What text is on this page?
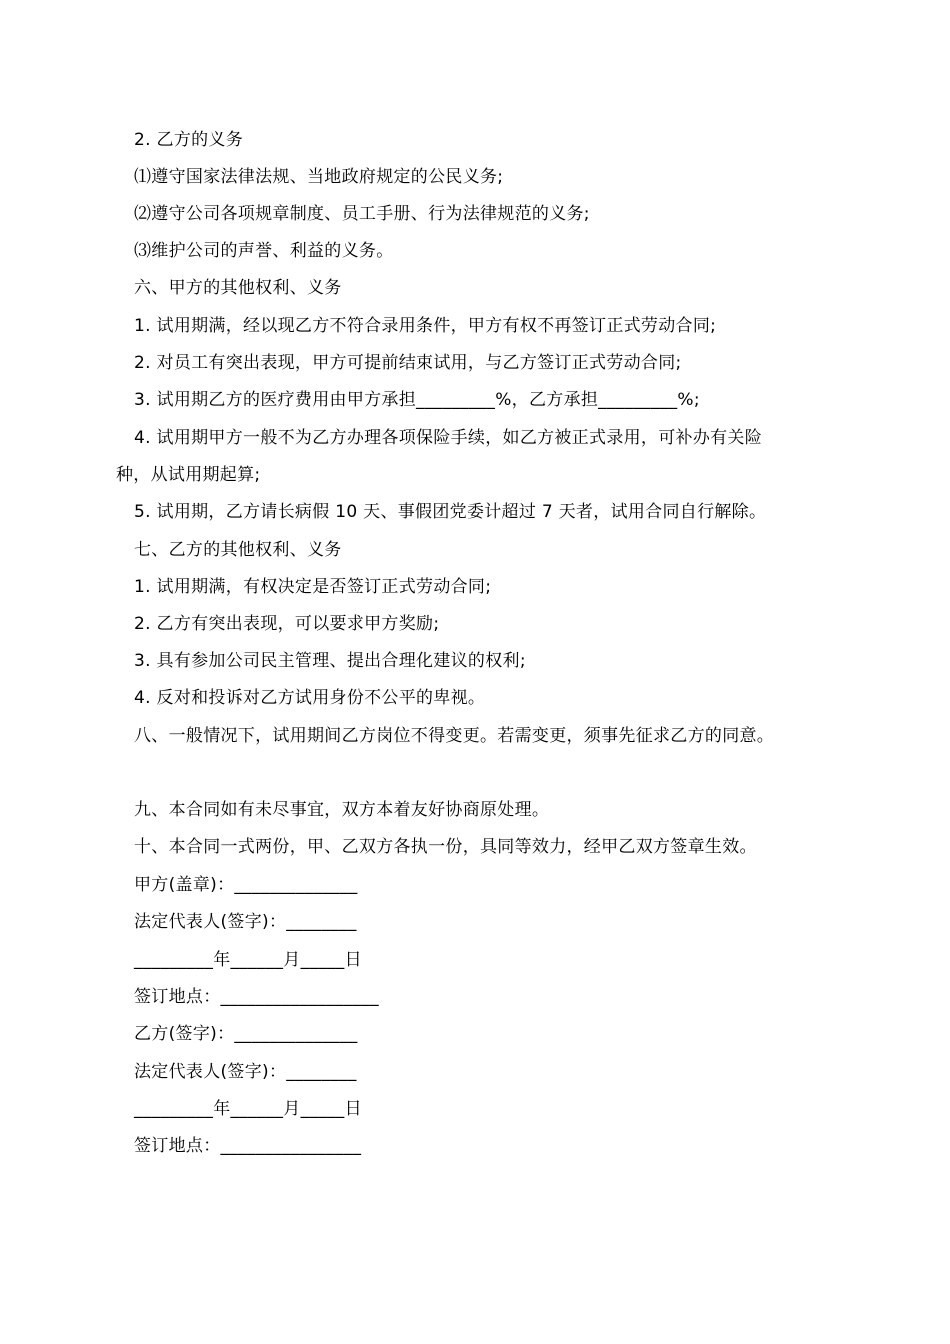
2. 乙方的义务
⑴遵守国家法律法规、当地政府规定的公民义务;
⑵遵守公司各项规章制度、员工手册、行为法律规范的义务;
⑶维护公司的声誉、利益的义务。
六、甲方的其他权利、义务
1. 试用期满，经以现乙方不符合录用条件，甲方有权不再签订正式劳动合同;
2. 对员工有突出表现，甲方可提前结束试用，与乙方签订正式劳动合同;
3. 试用期乙方的医疗费用由甲方承担_________%，乙方承担_________%;
4. 试用期甲方一般不为乙方办理各项保险手续，如乙方被正式录用，可补办有关险
种，从试用期起算;
5. 试用期，乙方请长病假 10 天、事假团党委计超过 7 天者，试用合同自行解除。
七、乙方的其他权利、义务
1. 试用期满，有权决定是否签订正式劳动合同;
2. 乙方有突出表现，可以要求甲方奖励;
3. 具有参加公司民主管理、提出合理化建议的权利;
4. 反对和投诉对乙方试用身份不公平的卑视。
八、一般情况下，试用期间乙方岗位不得变更。若需变更，须事先征求乙方的同意。
九、本合同如有未尽事宜，双方本着友好协商原处理。
十、本合同一式两份，甲、乙双方各执一份，具同等效力，经甲乙双方签章生效。
甲方(盖章)：______________
法定代表人(签字)：________
_________年______月_____日
签订地点：__________________
乙方(签字)：______________
法定代表人(签字)：________
_________年______月_____日
签订地点：________________
